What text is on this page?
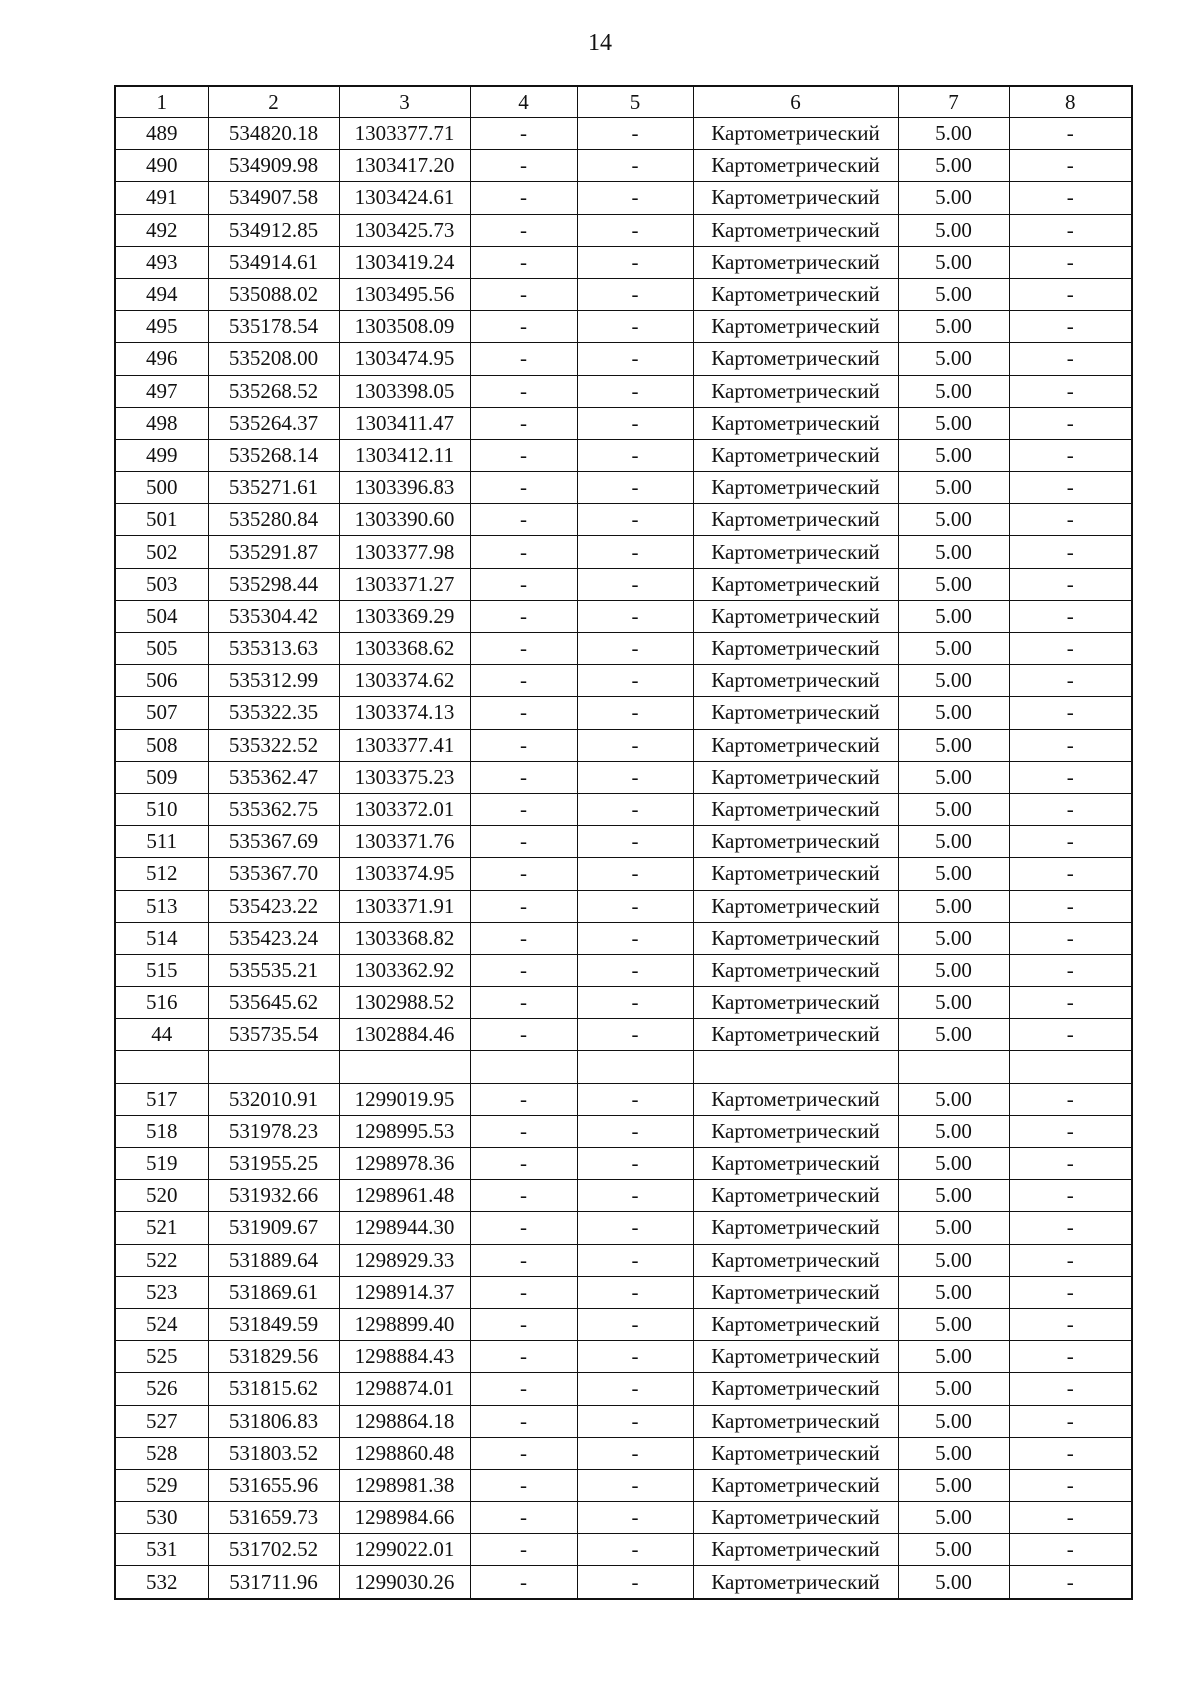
14
1	2	3	4	5	6	7	8
489	534820.18	1303377.71	-	-	Картометрический	5.00	-
490	534909.98	1303417.20	-	-	Картометрический	5.00	-
491	534907.58	1303424.61	-	-	Картометрический	5.00	-
492	534912.85	1303425.73	-	-	Картометрический	5.00	-
493	534914.61	1303419.24	-	-	Картометрический	5.00	-
494	535088.02	1303495.56	-	-	Картометрический	5.00	-
495	535178.54	1303508.09	-	-	Картометрический	5.00	-
496	535208.00	1303474.95	-	-	Картометрический	5.00	-
497	535268.52	1303398.05	-	-	Картометрический	5.00	-
498	535264.37	1303411.47	-	-	Картометрический	5.00	-
499	535268.14	1303412.11	-	-	Картометрический	5.00	-
500	535271.61	1303396.83	-	-	Картометрический	5.00	-
501	535280.84	1303390.60	-	-	Картометрический	5.00	-
502	535291.87	1303377.98	-	-	Картометрический	5.00	-
503	535298.44	1303371.27	-	-	Картометрический	5.00	-
504	535304.42	1303369.29	-	-	Картометрический	5.00	-
505	535313.63	1303368.62	-	-	Картометрический	5.00	-
506	535312.99	1303374.62	-	-	Картометрический	5.00	-
507	535322.35	1303374.13	-	-	Картометрический	5.00	-
508	535322.52	1303377.41	-	-	Картометрический	5.00	-
509	535362.47	1303375.23	-	-	Картометрический	5.00	-
510	535362.75	1303372.01	-	-	Картометрический	5.00	-
511	535367.69	1303371.76	-	-	Картометрический	5.00	-
512	535367.70	1303374.95	-	-	Картометрический	5.00	-
513	535423.22	1303371.91	-	-	Картометрический	5.00	-
514	535423.24	1303368.82	-	-	Картометрический	5.00	-
515	535535.21	1303362.92	-	-	Картометрический	5.00	-
516	535645.62	1302988.52	-	-	Картометрический	5.00	-
44	535735.54	1302884.46	-	-	Картометрический	5.00	-

517	532010.91	1299019.95	-	-	Картометрический	5.00	-
518	531978.23	1298995.53	-	-	Картометрический	5.00	-
519	531955.25	1298978.36	-	-	Картометрический	5.00	-
520	531932.66	1298961.48	-	-	Картометрический	5.00	-
521	531909.67	1298944.30	-	-	Картометрический	5.00	-
522	531889.64	1298929.33	-	-	Картометрический	5.00	-
523	531869.61	1298914.37	-	-	Картометрический	5.00	-
524	531849.59	1298899.40	-	-	Картометрический	5.00	-
525	531829.56	1298884.43	-	-	Картометрический	5.00	-
526	531815.62	1298874.01	-	-	Картометрический	5.00	-
527	531806.83	1298864.18	-	-	Картометрический	5.00	-
528	531803.52	1298860.48	-	-	Картометрический	5.00	-
529	531655.96	1298981.38	-	-	Картометрический	5.00	-
530	531659.73	1298984.66	-	-	Картометрический	5.00	-
531	531702.52	1299022.01	-	-	Картометрический	5.00	-
532	531711.96	1299030.26	-	-	Картометрический	5.00	-
